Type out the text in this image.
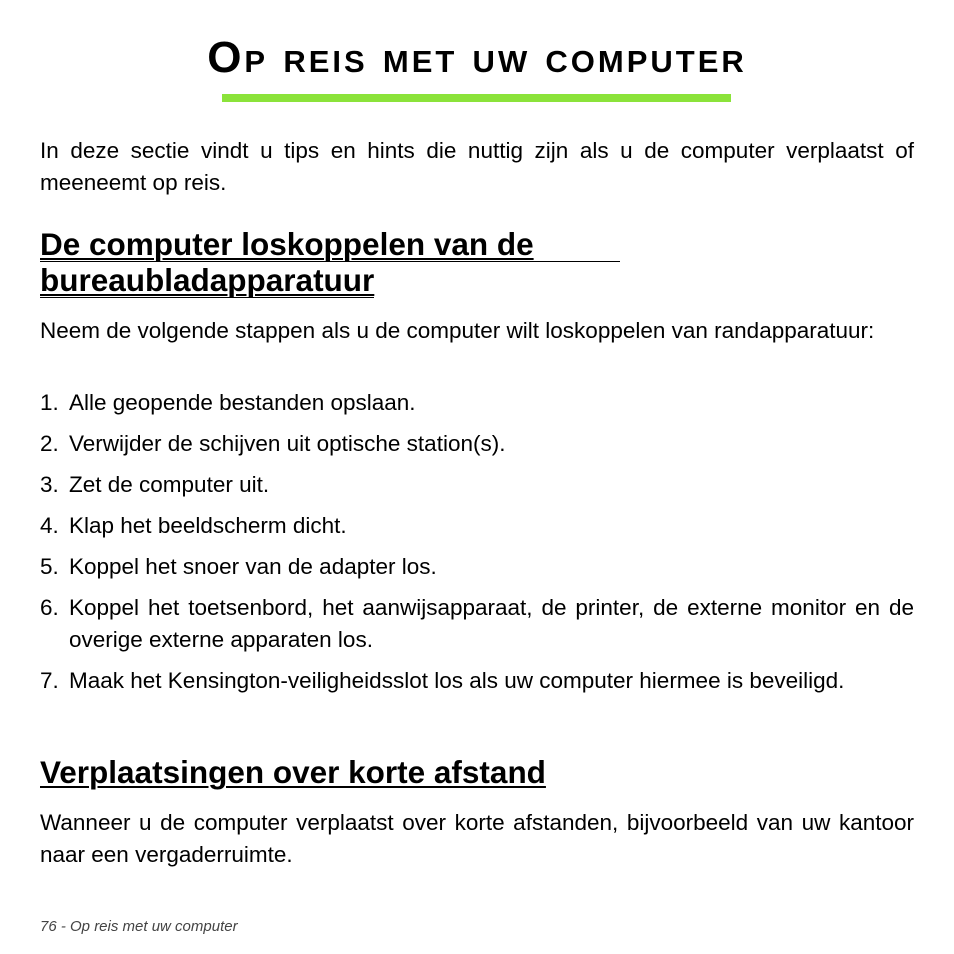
Op reis met uw computer

In deze sectie vindt u tips en hints die nuttig zijn als u de computer verplaatst of meeneemt op reis.

De computer loskoppelen van de
bureaubladapparatuur

Neem de volgende stappen als u de computer wilt loskoppelen van randapparatuur:

1. Alle geopende bestanden opslaan.
2. Verwijder de schijven uit optische station(s).
3. Zet de computer uit.
4. Klap het beeldscherm dicht.
5. Koppel het snoer van de adapter los.
6. Koppel het toetsenbord, het aanwijsapparaat, de printer, de externe monitor en de overige externe apparaten los.
7. Maak het Kensington-veiligheidsslot los als uw computer hiermee is beveiligd.
Verplaatsingen over korte afstand

Wanneer u de computer verplaatst over korte afstanden, bijvoorbeeld van uw kantoor naar een vergaderruimte.

76 - Op reis met uw computer
